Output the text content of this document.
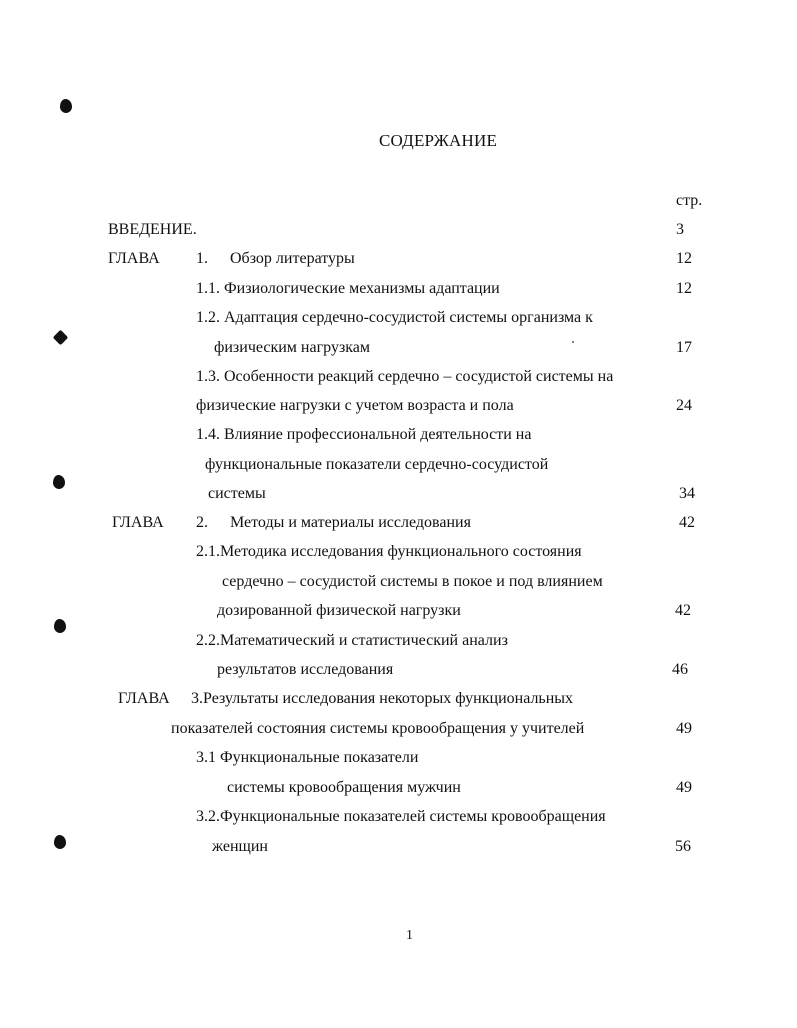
СОДЕРЖАНИЕ
стр.
ВВЕДЕНИЕ.	3
ГЛАВА 1. Обзор литературы	12
1.1. Физиологические механизмы адаптации	12
1.2. Адаптация сердечно-сосудистой системы организма к
физическим нагрузкам	17
1.3. Особенности реакций сердечно – сосудистой системы на
физические нагрузки с учетом возраста и пола	24
1.4. Влияние профессиональной деятельности на
функциональные показатели сердечно-сосудистой
системы	34
ГЛАВА 2. Методы и материалы исследования	42
2.1.Методика исследования функционального состояния
сердечно – сосудистой системы в покое и под влиянием
дозированной физической нагрузки	42
2.2.Математический и статистический анализ
результатов исследования	46
ГЛАВА 3.Результаты исследования некоторых функциональных
показателей состояния системы кровообращения у учителей	49
3.1 Функциональные показатели
системы кровообращения мужчин	49
3.2.Функциональные показателей системы кровообращения
женщин	56
1
